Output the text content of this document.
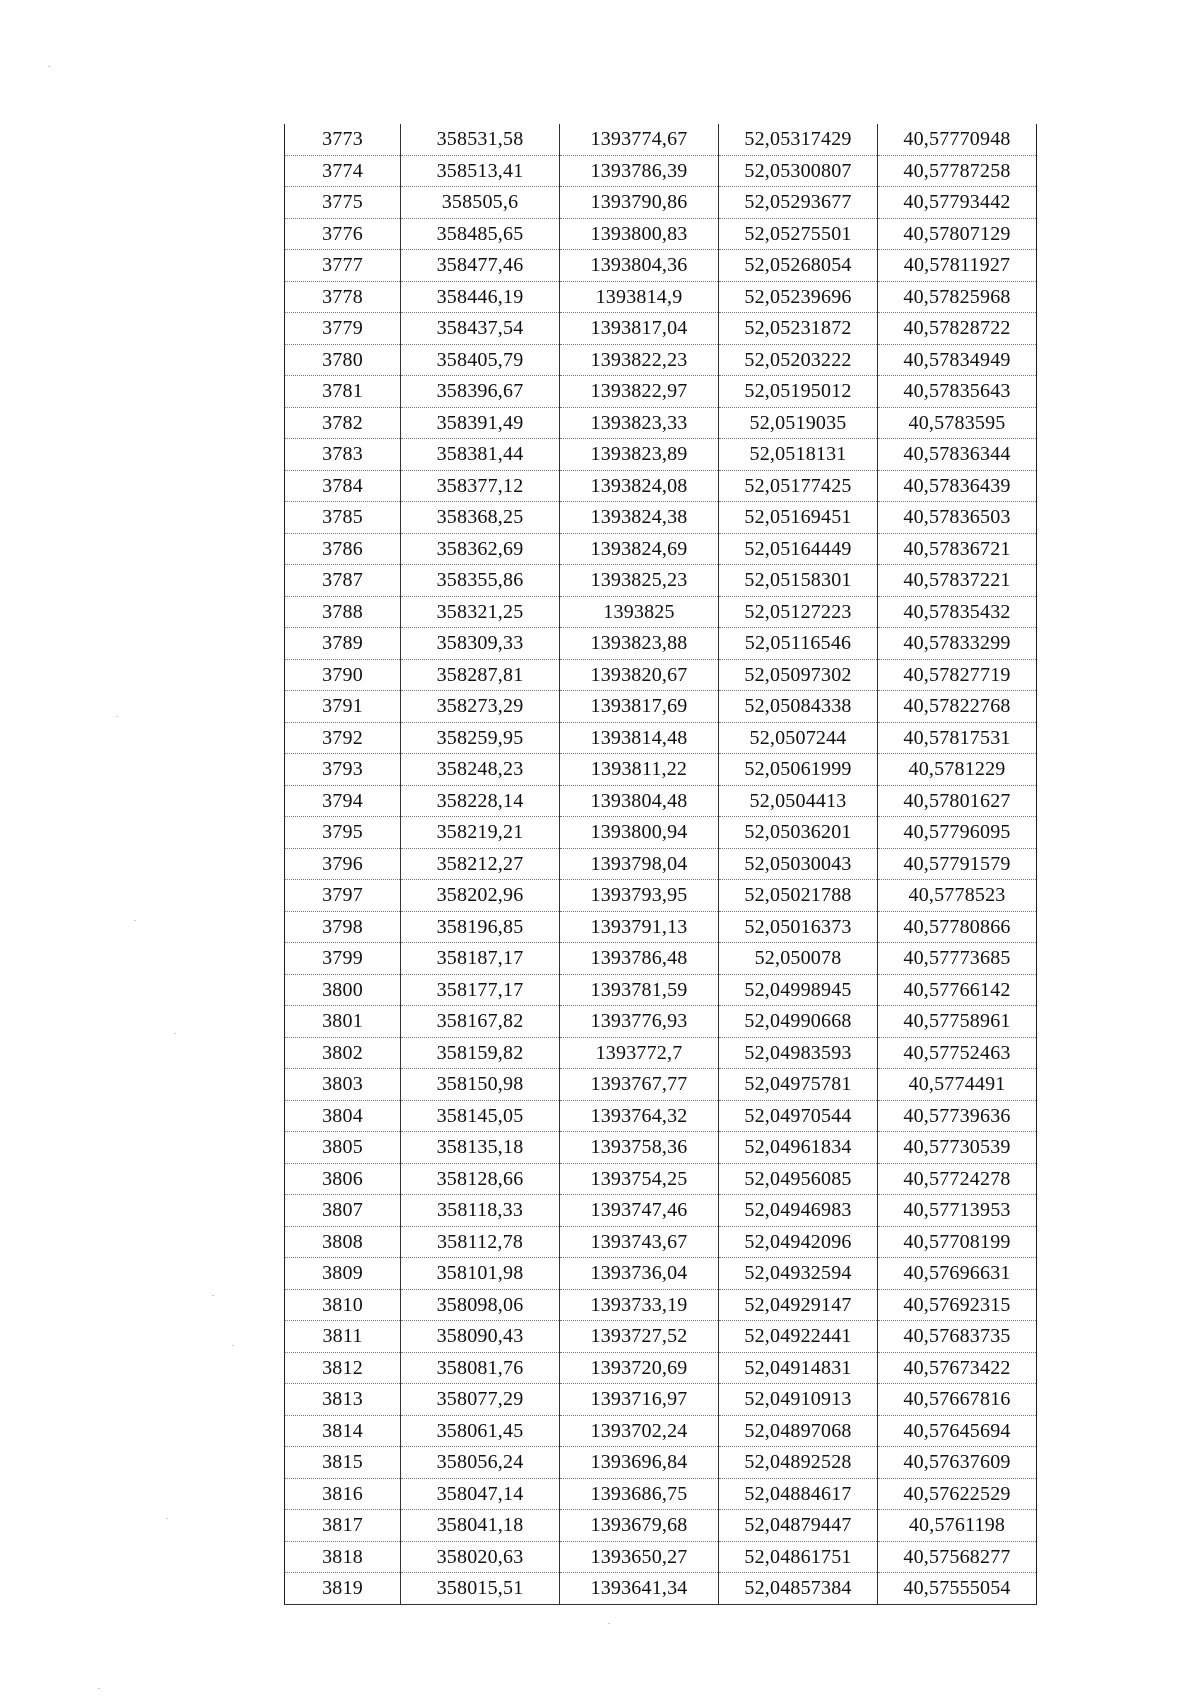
3773	358531,58	1393774,67	52,05317429	40,57770948
3774	358513,41	1393786,39	52,05300807	40,57787258
3775	358505,6	1393790,86	52,05293677	40,57793442
3776	358485,65	1393800,83	52,05275501	40,57807129
3777	358477,46	1393804,36	52,05268054	40,57811927
3778	358446,19	1393814,9	52,05239696	40,57825968
3779	358437,54	1393817,04	52,05231872	40,57828722
3780	358405,79	1393822,23	52,05203222	40,57834949
3781	358396,67	1393822,97	52,05195012	40,57835643
3782	358391,49	1393823,33	52,0519035	40,5783595
3783	358381,44	1393823,89	52,0518131	40,57836344
3784	358377,12	1393824,08	52,05177425	40,57836439
3785	358368,25	1393824,38	52,05169451	40,57836503
3786	358362,69	1393824,69	52,05164449	40,57836721
3787	358355,86	1393825,23	52,05158301	40,57837221
3788	358321,25	1393825	52,05127223	40,57835432
3789	358309,33	1393823,88	52,05116546	40,57833299
3790	358287,81	1393820,67	52,05097302	40,57827719
3791	358273,29	1393817,69	52,05084338	40,57822768
3792	358259,95	1393814,48	52,0507244	40,57817531
3793	358248,23	1393811,22	52,05061999	40,5781229
3794	358228,14	1393804,48	52,0504413	40,57801627
3795	358219,21	1393800,94	52,05036201	40,57796095
3796	358212,27	1393798,04	52,05030043	40,57791579
3797	358202,96	1393793,95	52,05021788	40,5778523
3798	358196,85	1393791,13	52,05016373	40,57780866
3799	358187,17	1393786,48	52,050078	40,57773685
3800	358177,17	1393781,59	52,04998945	40,57766142
3801	358167,82	1393776,93	52,04990668	40,57758961
3802	358159,82	1393772,7	52,04983593	40,57752463
3803	358150,98	1393767,77	52,04975781	40,5774491
3804	358145,05	1393764,32	52,04970544	40,57739636
3805	358135,18	1393758,36	52,04961834	40,57730539
3806	358128,66	1393754,25	52,04956085	40,57724278
3807	358118,33	1393747,46	52,04946983	40,57713953
3808	358112,78	1393743,67	52,04942096	40,57708199
3809	358101,98	1393736,04	52,04932594	40,57696631
3810	358098,06	1393733,19	52,04929147	40,57692315
3811	358090,43	1393727,52	52,04922441	40,57683735
3812	358081,76	1393720,69	52,04914831	40,57673422
3813	358077,29	1393716,97	52,04910913	40,57667816
3814	358061,45	1393702,24	52,04897068	40,57645694
3815	358056,24	1393696,84	52,04892528	40,57637609
3816	358047,14	1393686,75	52,04884617	40,57622529
3817	358041,18	1393679,68	52,04879447	40,5761198
3818	358020,63	1393650,27	52,04861751	40,57568277
3819	358015,51	1393641,34	52,04857384	40,57555054
